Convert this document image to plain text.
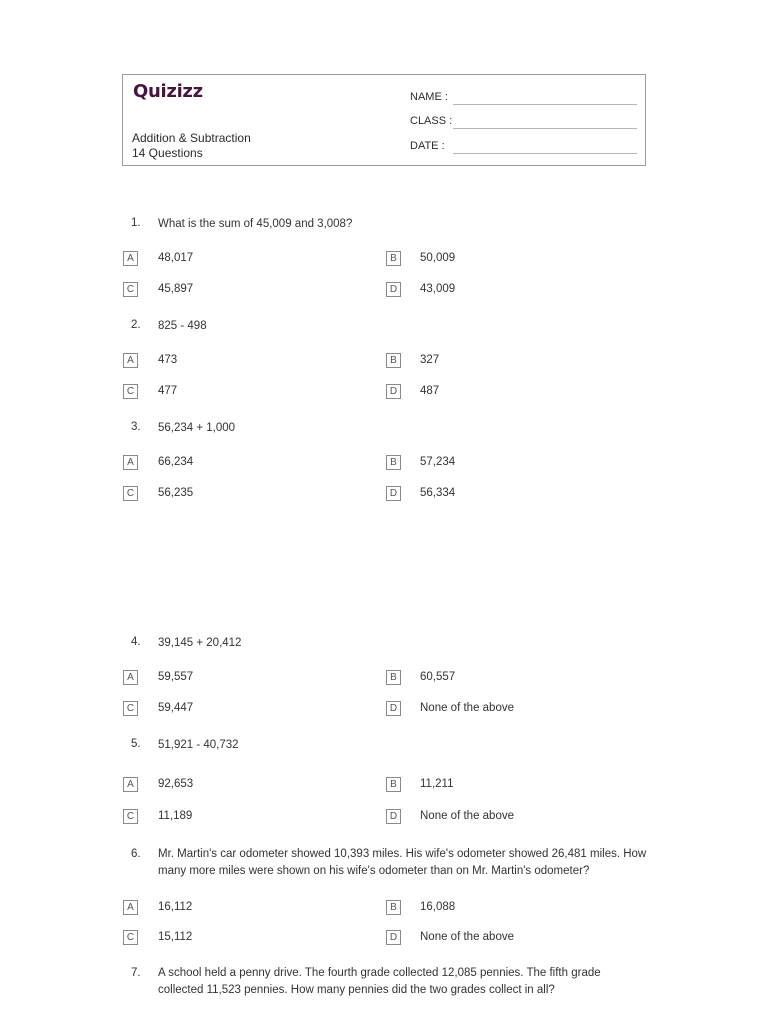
Quizizz
Addition & Subtraction
14 Questions
NAME :
CLASS :
DATE :
1. What is the sum of 45,009 and 3,008?
A	48,017	B	50,009
C	45,897	D	43,009
2. 825 - 498
A	473	B	327
C	477	D	487
3. 56,234 + 1,000
A	66,234	B	57,234
C	56,235	D	56,334
4. 39,145 + 20,412
A	59,557	B	60,557
C	59,447	D	None of the above
5. 51,921 - 40,732
A	92,653	B	11,211
C	11,189	D	None of the above
6. Mr. Martin's car odometer showed 10,393 miles. His wife's odometer showed 26,481 miles. How many more miles were shown on his wife's odometer than on Mr. Martin's odometer?
A	16,112	B	16,088
C	15,112	D	None of the above
7. A school held a penny drive. The fourth grade collected 12,085 pennies. The fifth grade collected 11,523 pennies. How many pennies did the two grades collect in all?
